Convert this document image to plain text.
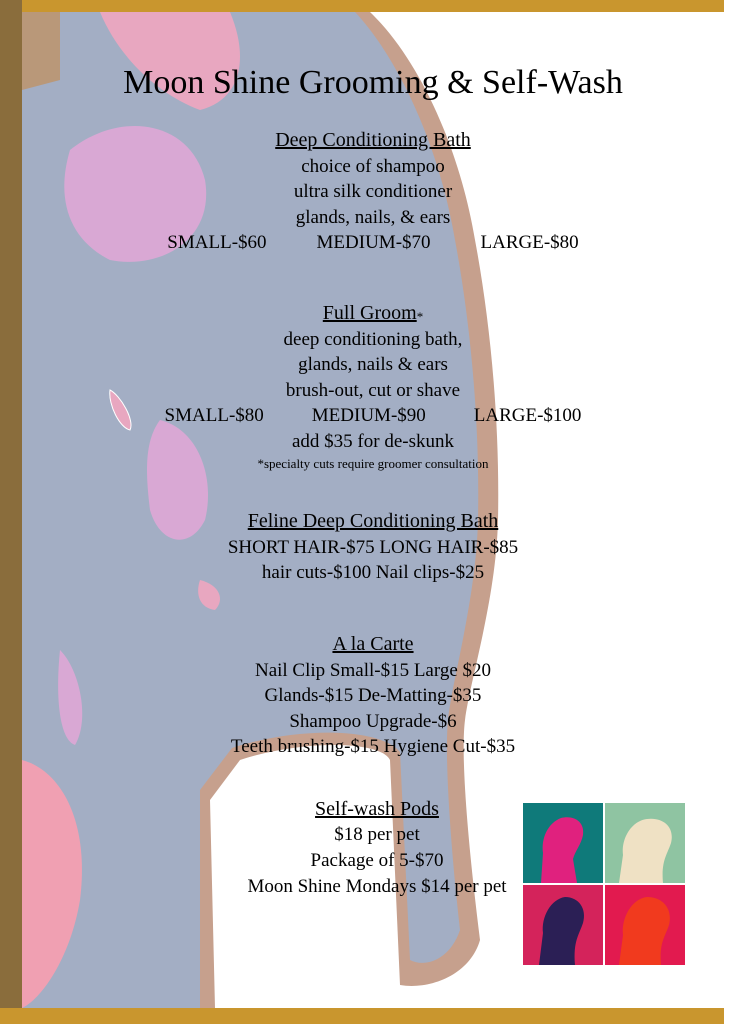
Moon Shine Grooming & Self-Wash
Deep Conditioning Bath
choice of shampoo
ultra silk conditioner
glands, nails, & ears
SMALL-$60	MEDIUM-$70	LARGE-$80
Full Groom*
deep conditioning bath,
glands, nails & ears
brush-out, cut or shave
SMALL-$80	MEDIUM-$90	LARGE-$100
add $35 for de-skunk
*specialty cuts require groomer consultation
Feline Deep Conditioning Bath
SHORT HAIR-$75 LONG HAIR-$85
hair cuts-$100 Nail clips-$25
A la Carte
Nail Clip Small-$15 Large $20
Glands-$15 De-Matting-$35
Shampoo Upgrade-$6
Teeth brushing-$15 Hygiene Cut-$35
Self-wash Pods
$18 per pet
Package of 5-$70
Moon Shine Mondays $14 per pet
